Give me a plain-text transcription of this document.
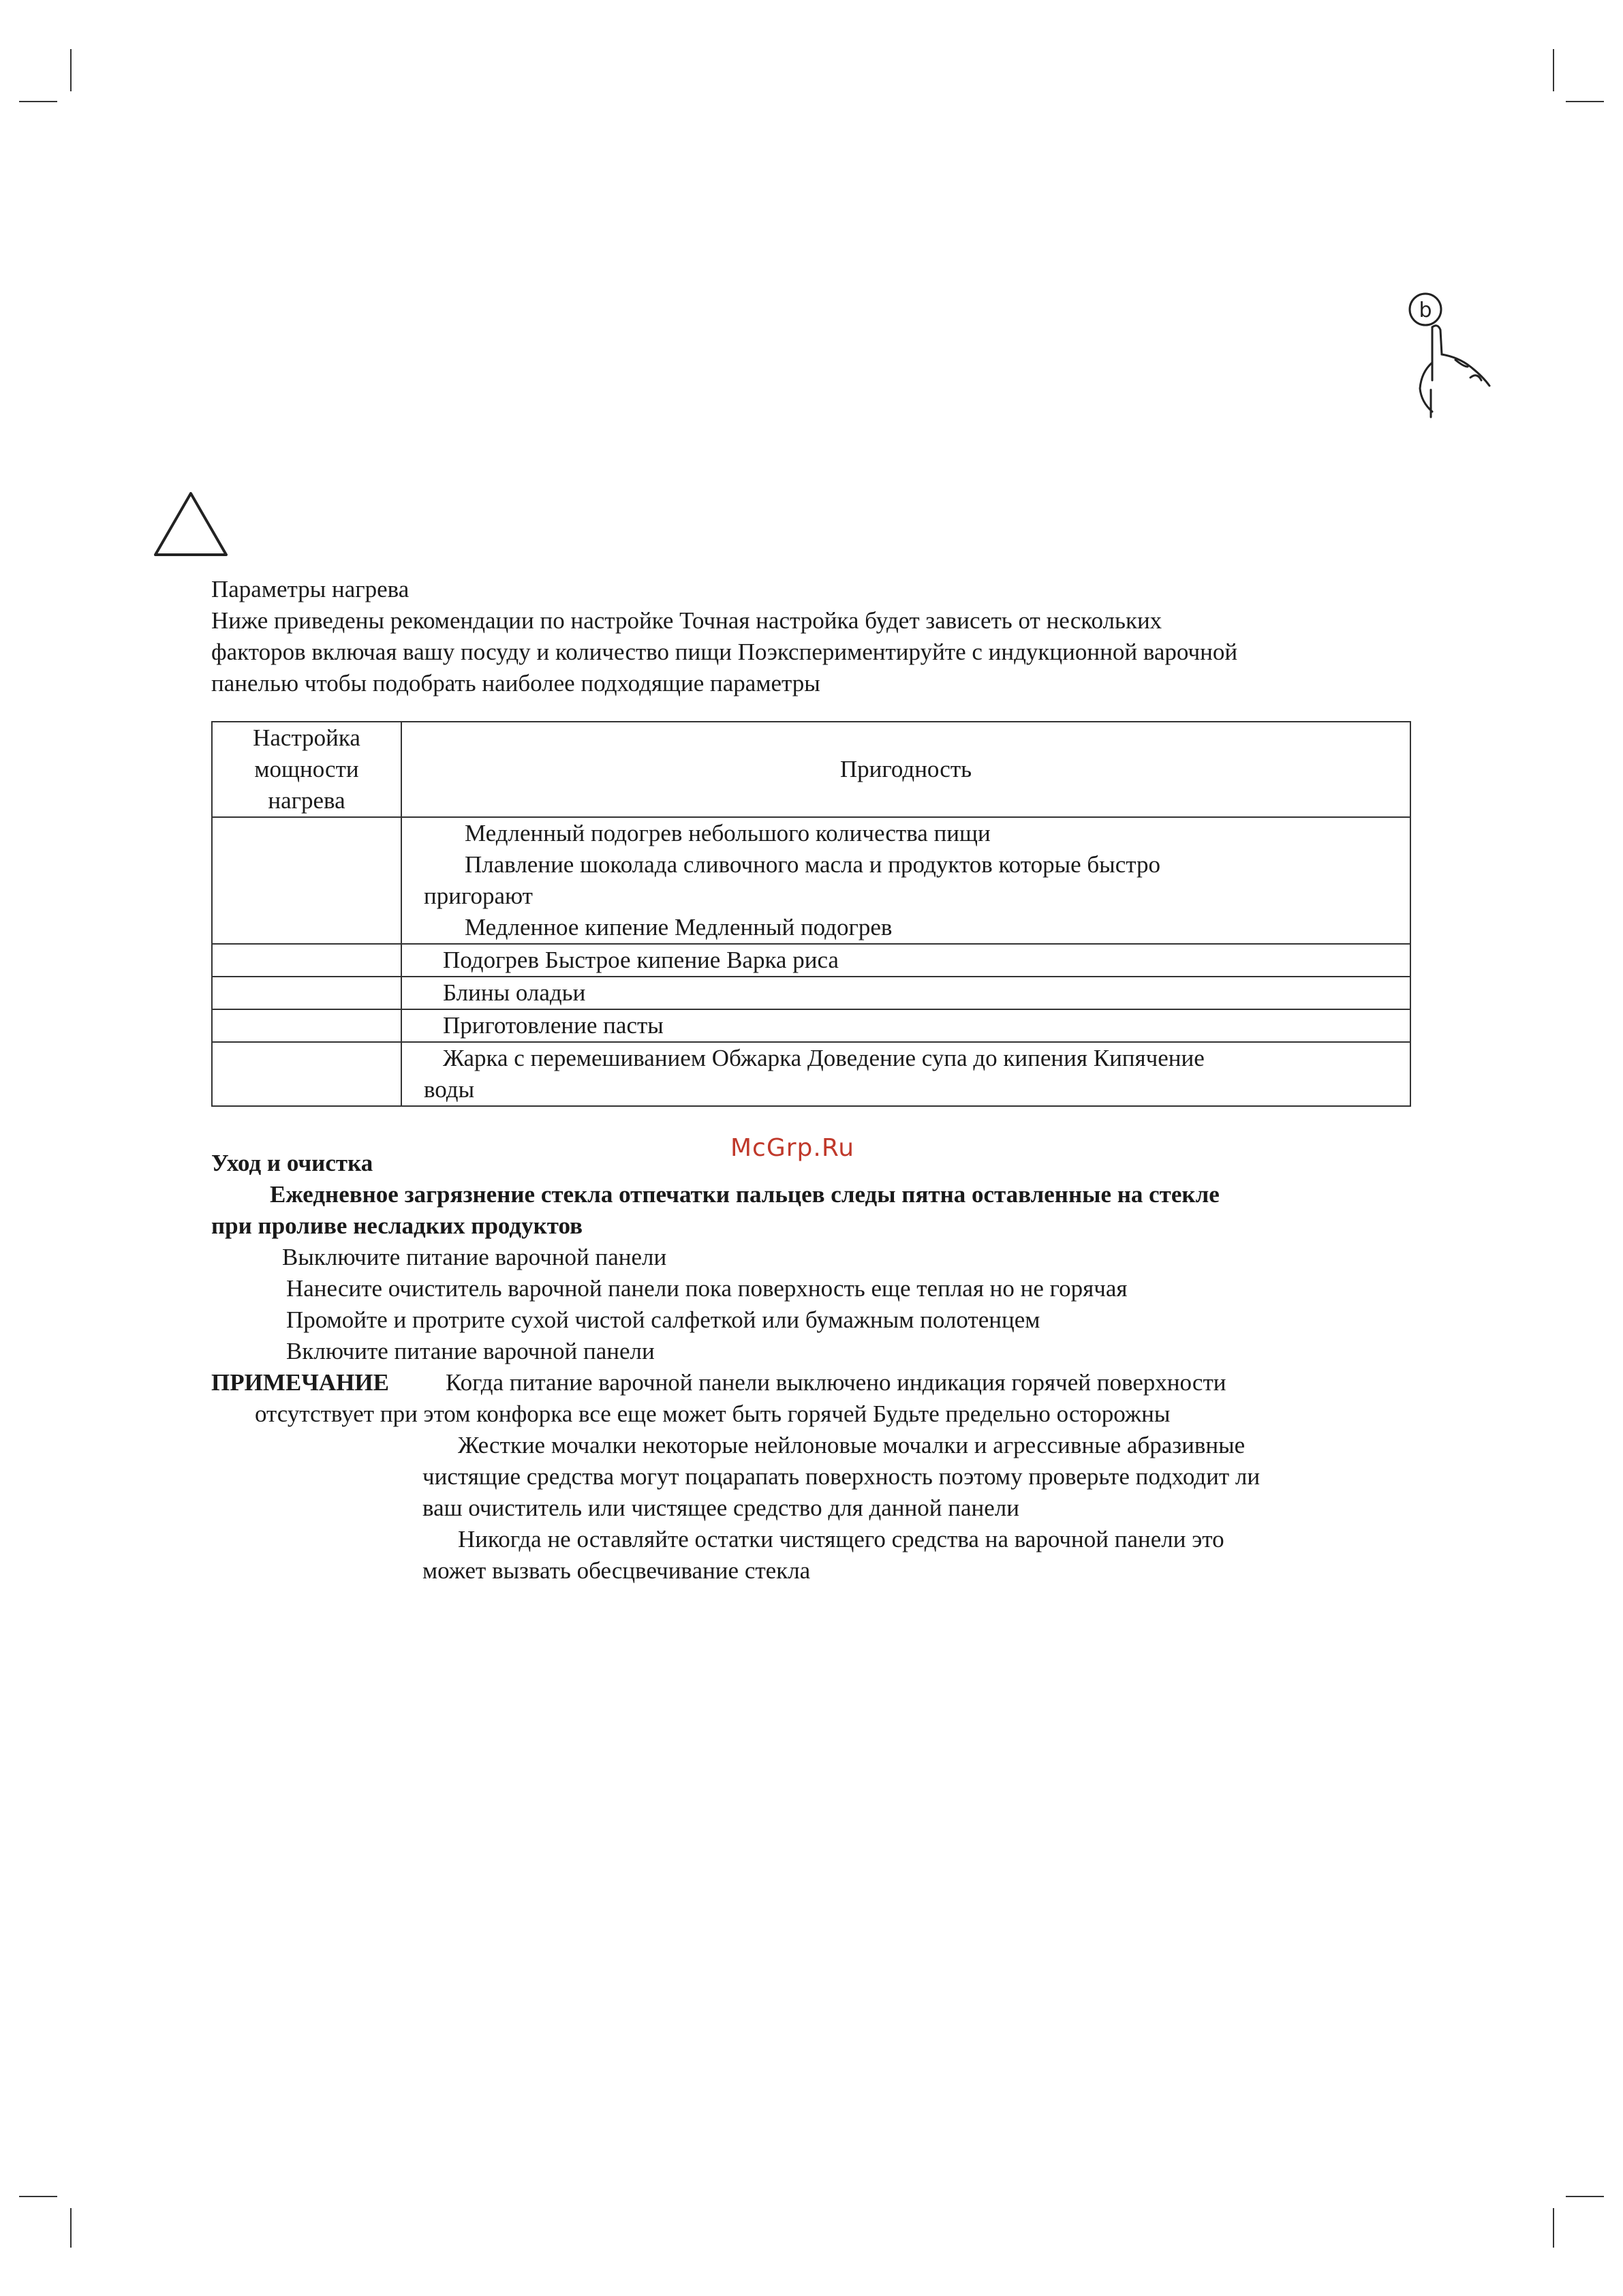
b
Параметры нагрева
Ниже приведены рекомендации по настройке Точная настройка будет зависеть от нескольких
факторов включая вашу посуду и количество пищи Поэкспериментируйте с индукционной варочной
панелью чтобы подобрать наиболее подходящие параметры
Настройка
мощности
нагрева	Пригодность

	Медленный подогрев небольшого количества пищи
Плавление шоколада сливочного масла и продуктов которые быстро
пригорают
Медленное кипение Медленный подогрев

	Подогрев Быстрое кипение Варка риса

	Блины оладьи

	Приготовление пасты

	Жарка с перемешиванием Обжарка Доведение супа до кипения Кипячение
воды
McGrp.Ru
Уход и очистка
Ежедневное загрязнение стекла отпечатки пальцев следы пятна оставленные на стекле
при проливе несладких продуктов
Выключите питание варочной панели
Нанесите очиститель варочной панели пока поверхность еще теплая но не горячая
Промойте и протрите сухой чистой салфеткой или бумажным полотенцем
Включите питание варочной панели
ПРИМЕЧАНИЕ Когда питание варочной панели выключено индикация горячей поверхности
отсутствует при этом конфорка все еще может быть горячей Будьте предельно осторожны
Жесткие мочалки некоторые нейлоновые мочалки и агрессивные абразивные
чистящие средства могут поцарапать поверхность поэтому проверьте подходит ли
ваш очиститель или чистящее средство для данной панели
Никогда не оставляйте остатки чистящего средства на варочной панели это
может вызвать обесцвечивание стекла
